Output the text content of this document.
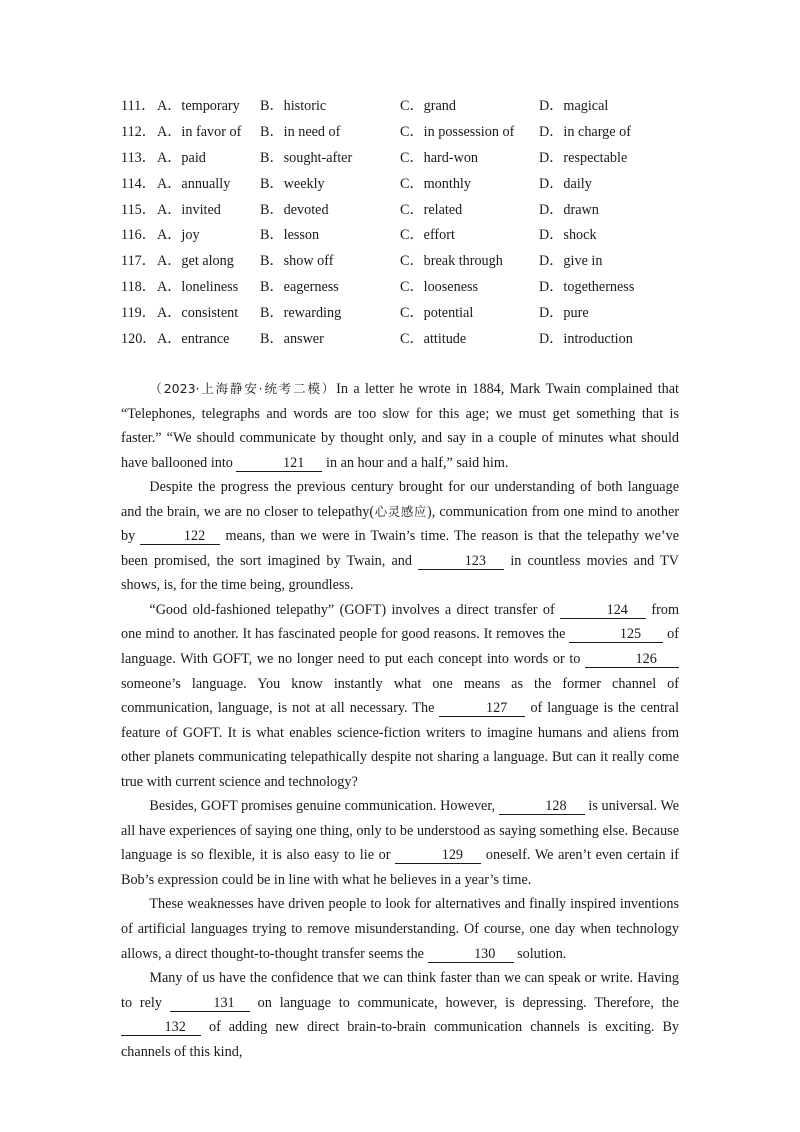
111． A．temporary B．historic	C．grand	D．magical
112． A．in favor of B．in need of	C．in possession of D．in charge of
113． A．paid	B．sought-after	C．hard-won	D．respectable
114． A．annually B．weekly	C．monthly	D．daily
115． A．invited	B．devoted	C．related	D．drawn
116． A．joy	B．lesson	C．effort	D．shock
117． A．get along B．show off	C．break through	D．give in
118． A．loneliness B．eagerness	C．looseness	D．togetherness
119． A．consistent B．rewarding	C．potential	D．pure
120． A．entrance B．answer	C．attitude	D．introduction

（2023·上海静安·统考二模）In a letter he wrote in 1884, Mark Twain complained that “Telephones, telegraphs and words are too slow for this age; we must get something that is faster.” “We should communicate by thought only, and say in a couple of minutes what should have ballooned into	121 in an hour and a half,” said him.

Despite the progress the previous century brought for our understanding of both language and the brain, we are no closer to telepathy(心灵感应), communication from one mind to another by	122 means, than we were in Twain’s time. The reason is that the telepathy we’ve been promised, the sort imagined by Twain, and	123 in countless movies and TV shows, is, for the time being, groundless.

“Good old-fashioned telepathy” (GOFT) involves a direct transfer of	124 from one mind to another. It has fascinated people for good reasons. It removes the	125 of language. With GOFT, we no longer need to put each concept into words or to	126 someone’s language. You know instantly what one means as the former channel of communication, language, is not at all necessary. The	127 of language is the central feature of GOFT. It is what enables science-fiction writers to imagine humans and aliens from other planets communicating telepathically despite not sharing a language. But can it really come true with current science and technology?

Besides, GOFT promises genuine communication. However,	128 is universal. We all have experiences of saying one thing, only to be understood as saying something else. Because language is so flexible, it is also easy to lie or	129 oneself. We aren’t even certain if Bob’s expression could be in line with what he believes in a year’s time.

These weaknesses have driven people to look for alternatives and finally inspired inventions of artificial languages trying to remove misunderstanding. Of course, one day when technology allows, a direct thought-to-thought transfer seems the	130 solution.

Many of us have the confidence that we can think faster than we can speak or write. Having to rely	131 on language to communicate, however, is depressing. Therefore, the 132 of adding new direct brain-to-brain communication channels is exciting. By channels of this kind,
